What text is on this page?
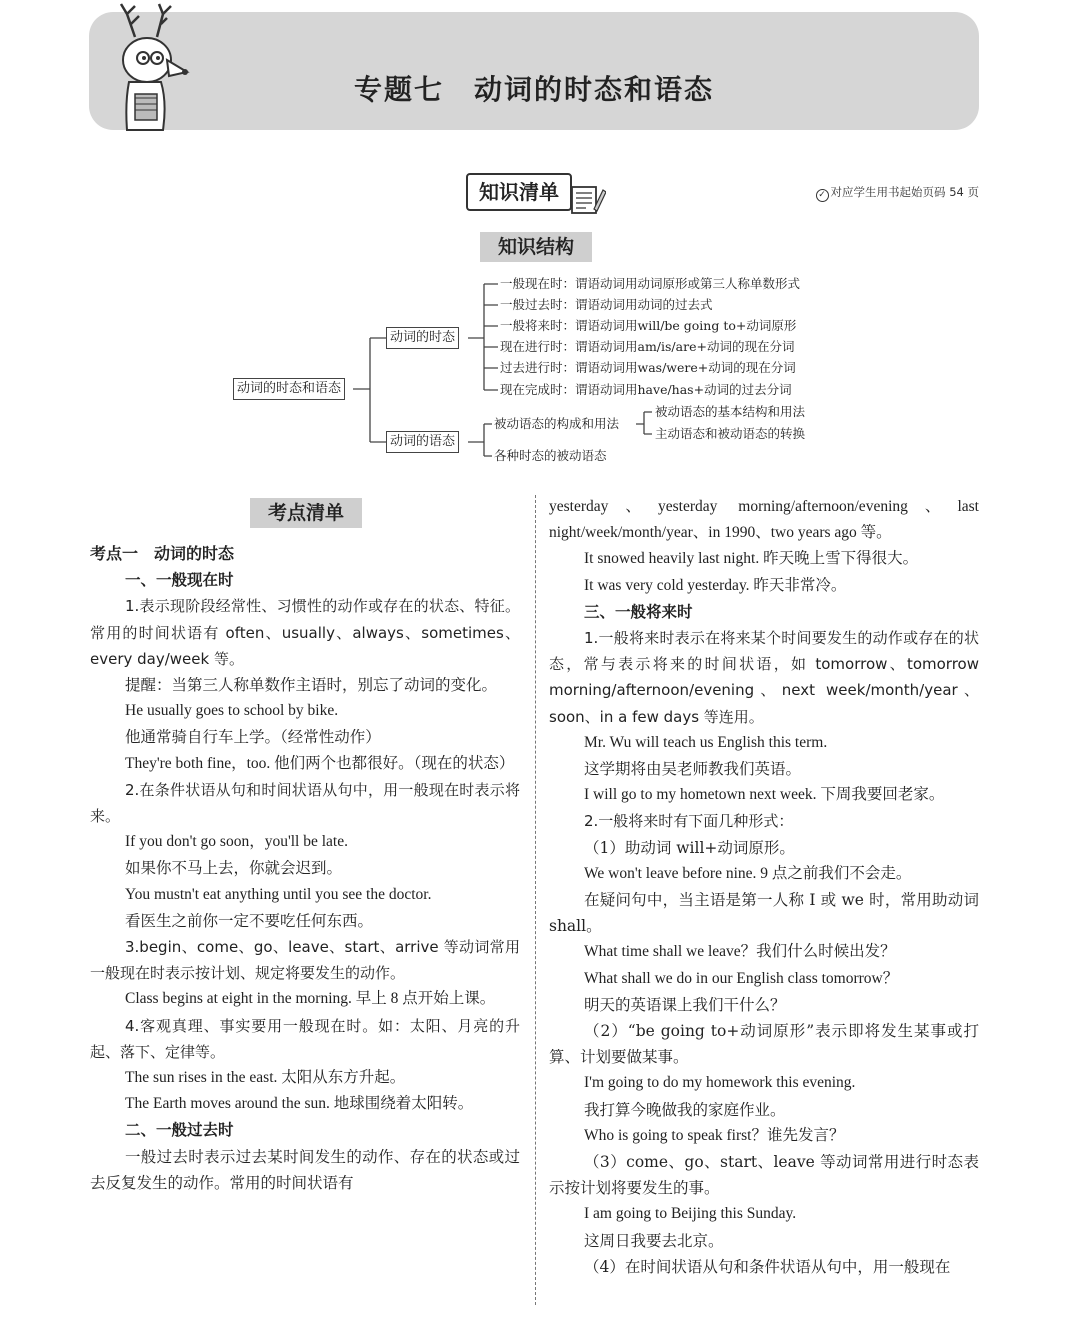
专题七　动词的时态和语态
知识清单	✓ 对应学生用书起始页码 54 页
知识结构
动词的时态和语态
动词的时态
动词的语态
一般现在时：谓语动词用动词原形或第三人称单数形式
一般过去时：谓语动词用动词的过去式
一般将来时：谓语动词用will/be going to+动词原形
现在进行时：谓语动词用am/is/are+动词的现在分词
过去进行时：谓语动词用was/were+动词的现在分词
现在完成时：谓语动词用have/has+动词的过去分词
被动语态的构成和用法
被动语态的基本结构和用法
主动语态和被动语态的转换
各种时态的被动语态
考点清单

考点一　动词的时态

一、一般现在时

1.表示现阶段经常性、习惯性的动作或存在的状态、特征。常用的时间状语有 often、usually、always、sometimes、every day/week 等。

提醒：当第三人称单数作主语时，别忘了动词的变化。

He usually goes to school by bike.

他通常骑自行车上学。（经常性动作）

They're both fine，too. 他们两个也都很好。（现在的状态）

2.在条件状语从句和时间状语从句中，用一般现在时表示将来。

If you don't go soon，you'll be late.

如果你不马上去，你就会迟到。

You mustn't eat anything until you see the doctor.

看医生之前你一定不要吃任何东西。

3.begin、come、go、leave、start、arrive 等动词常用一般现在时表示按计划、规定将要发生的动作。

Class begins at eight in the morning. 早上 8 点开始上课。

4.客观真理、事实要用一般现在时。如：太阳、月亮的升起、落下、定律等。

The sun rises in the east. 太阳从东方升起。

The Earth moves around the sun. 地球围绕着太阳转。

二、一般过去时

一般过去时表示过去某时间发生的动作、存在的状态或过去反复发生的动作。常用的时间状语有

yesterday、yesterday morning/afternoon/evening、last night/week/month/year、in 1990、two years ago 等。

It snowed heavily last night. 昨天晚上雪下得很大。

It was very cold yesterday. 昨天非常冷。

三、一般将来时

1.一般将来时表示在将来某个时间要发生的动作或存在的状态，常与表示将来的时间状语，如 tomorrow、tomorrow morning/afternoon/evening、next week/month/year、soon、in a few days 等连用。

Mr. Wu will teach us English this term.

这学期将由吴老师教我们英语。

I will go to my hometown next week. 下周我要回老家。

2.一般将来时有下面几种形式：

（1）助动词 will+动词原形。

We won't leave before nine. 9 点之前我们不会走。

在疑问句中，当主语是第一人称 I 或 we 时，常用助动词 shall。

What time shall we leave？我们什么时候出发？

What shall we do in our English class tomorrow？

明天的英语课上我们干什么？

（2）“be going to+动词原形”表示即将发生某事或打算、计划要做某事。

I'm going to do my homework this evening.

我打算今晚做我的家庭作业。

Who is going to speak first？谁先发言？

（3）come、go、start、leave 等动词常用进行时态表示按计划将要发生的事。

I am going to Beijing this Sunday.

这周日我要去北京。

（4）在时间状语从句和条件状语从句中，用一般现在
